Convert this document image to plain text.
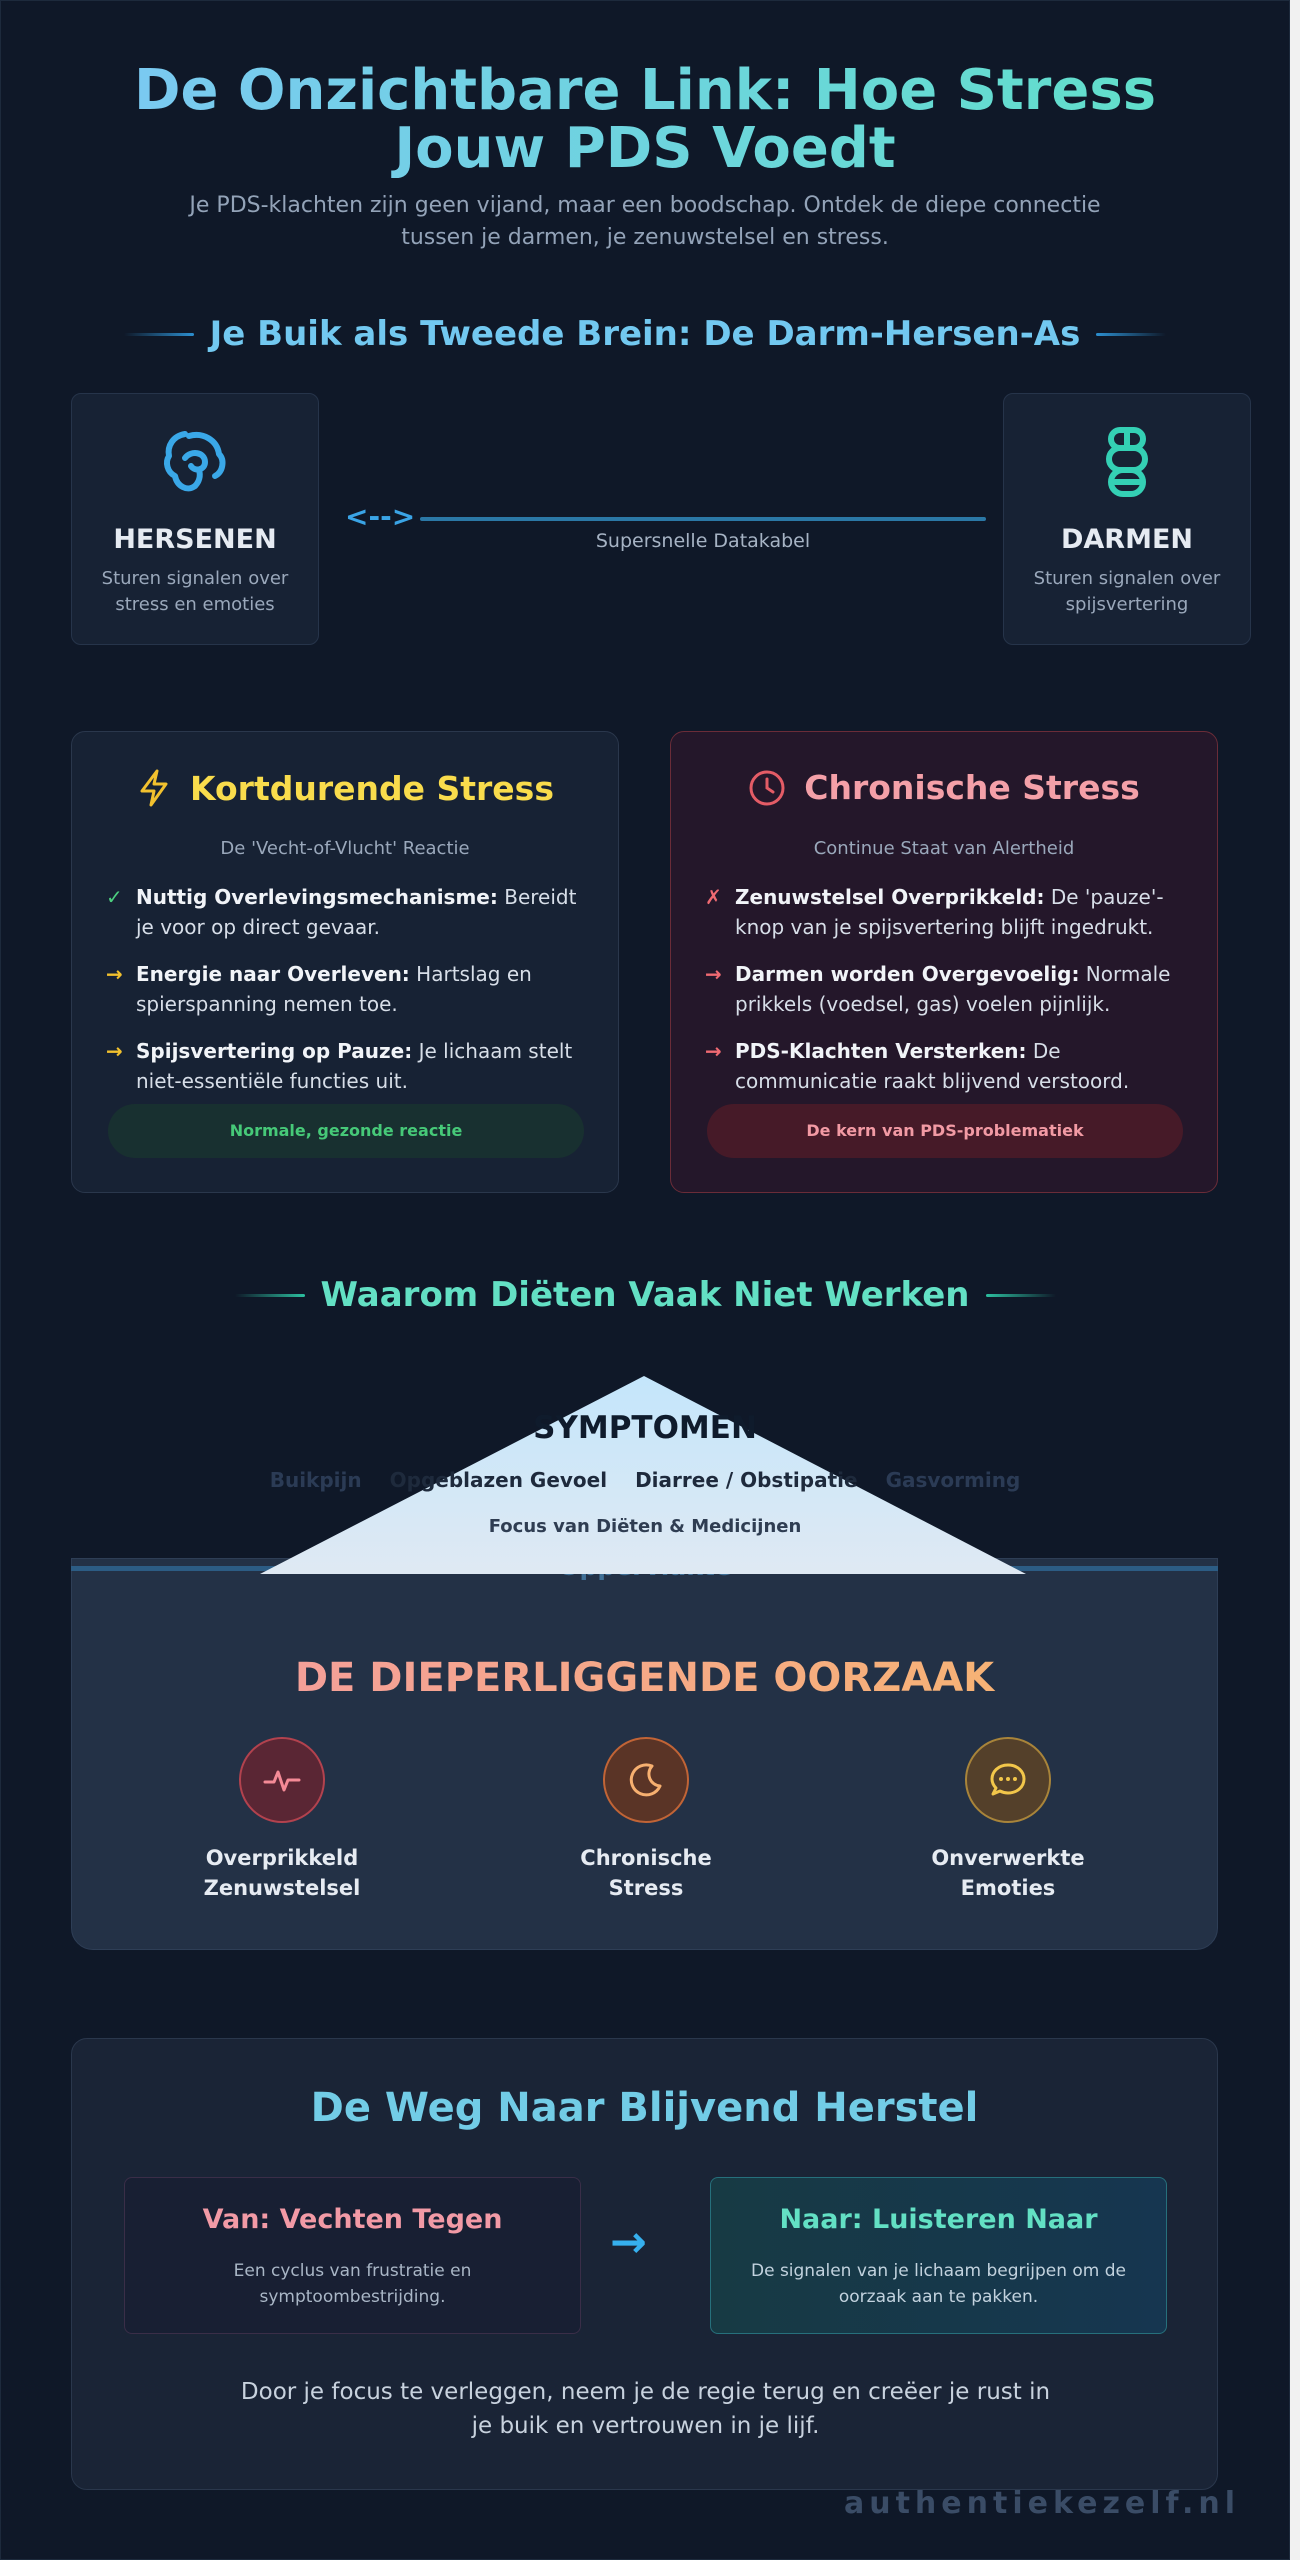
De Onzichtbare Link: Hoe Stress Jouw PDS Voedt

Je PDS-klachten zijn geen vijand, maar een boodschap. Ontdek de diepe connectie tussen je darmen, je zenuwstelsel en stress.

Je Buik als Tweede Brein: De Darm-Hersen-As
HERSENEN
Sturen signalen over stress en emoties
<-->
Supersnelle Datakabel	DARMEN
Sturen signalen over spijsvertering
Kortdurende Stress
De 'Vecht-of-Vlucht' Reactie
✓ Nuttig Overlevingsmechanisme: Bereidt je voor op direct gevaar.
→ Energie naar Overleven: Hartslag en spierspanning nemen toe.
→ Spijsvertering op Pauze: Je lichaam stelt niet-essentiële functies uit.
Normale, gezonde reactie
Chronische Stress
Continue Staat van Alertheid
✗ Zenuwstelsel Overprikkeld: De 'pauze'-knop van je spijsvertering blijft ingedrukt.
→ Darmen worden Overgevoelig: Normale prikkels (voedsel, gas) voelen pijnlijk.
→ PDS-Klachten Versterken: De communicatie raakt blijvend verstoord.
De kern van PDS-problematiek
Waarom Diëten Vaak Niet Werken
SYMPTOMEN
Buikpijn Opgeblazen Gevoel Diarree / Obstipatie Gasvorming
Focus van Diëten & Medicijnen
DE DIEPERLIGGENDE OORZAAK
Overprikkeld
Zenuwstelsel
Chronische
Stress
Onverwerkte
Emoties
De Weg Naar Blijvend Herstel
Van: Vechten Tegen
Een cyclus van frustratie en symptoombestrijding.
→	Naar: Luisteren Naar
De signalen van je lichaam begrijpen om de oorzaak aan te pakken.
Door je focus te verleggen, neem je de regie terug en creëer je rust in je buik en vertrouwen in je lijf.
authentiekezelf.nl
